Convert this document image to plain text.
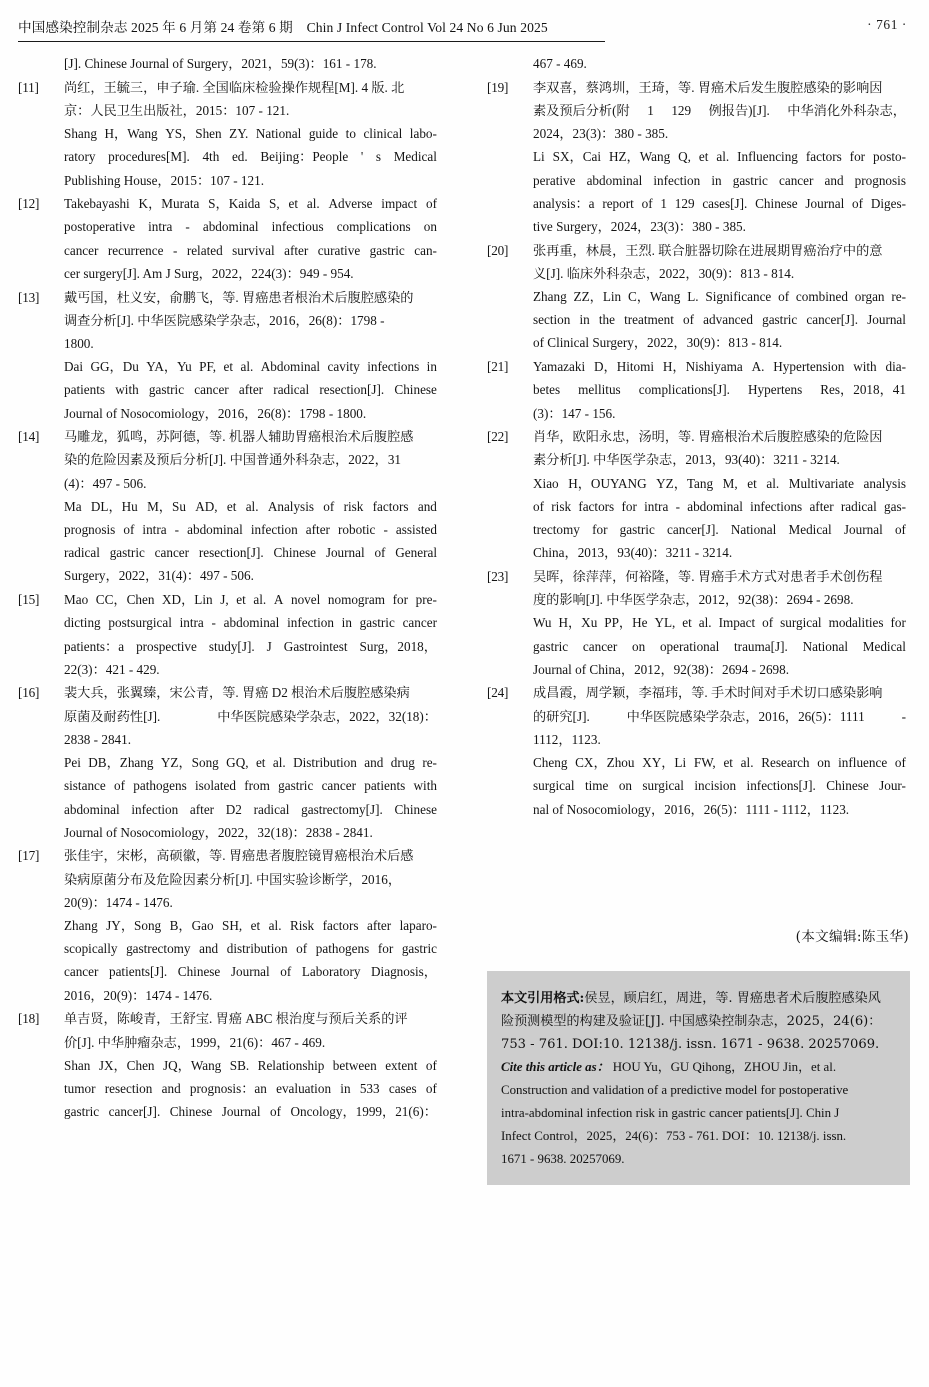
中国感染控制杂志 2025 年 6 月第 24 卷第 6 期　Chin J Infect Control Vol 24 No 6 Jun 2025	· 761 ·
[J]. Chinese Journal of Surgery，2021，59(3)：161 - 178.
[11]	尚红，王毓三，申子瑜. 全国临床检验操作规程[M]. 4 版. 北
京：人民卫生出版社，2015：107 - 121.
Shang H，Wang YS，Shen ZY. National guide to clinical labo-
ratory procedures[M]. 4th ed. Beijing：People ' s Medical
Publishing House，2015：107 - 121.
[12]	Takebayashi K，Murata S，Kaida S, et al. Adverse impact of
postoperative intra - abdominal infectious complications on
cancer recurrence - related survival after curative gastric can-
cer surgery[J]. Am J Surg，2022，224(3)：949 - 954.
[13]	戴丐国，杜义安，俞鹏飞，等. 胃癌患者根治术后腹腔感染的
调查分析[J]. 中华医院感染学杂志，2016，26(8)：1798 -
1800.
Dai GG，Du YA，Yu PF, et al. Abdominal cavity infections in
patients with gastric cancer after radical resection[J]. Chinese
Journal of Nosocomiology，2016，26(8)：1798 - 1800.
[14]	马雕龙，狐鸣，苏阿德，等. 机器人辅助胃癌根治术后腹腔感
染的危险因素及预后分析[J]. 中国普通外科杂志，2022，31
(4)：497 - 506.
Ma DL，Hu M，Su AD, et al. Analysis of risk factors and
prognosis of intra - abdominal infection after robotic - assisted
radical gastric cancer resection[J]. Chinese Journal of General
Surgery，2022，31(4)：497 - 506.
[15]	Mao CC，Chen XD，Lin J, et al. A novel nomogram for pre-
dicting postsurgical intra - abdominal infection in gastric cancer
patients：a prospective study[J]. J Gastrointest Surg，2018，
22(3)：421 - 429.
[16]	裴大兵，张翼臻，宋公青，等. 胃癌 D2 根治术后腹腔感染病
原菌及耐药性[J].	中华医院感染学杂志，2022，32(18)：
2838 - 2841.
Pei DB，Zhang YZ，Song GQ, et al. Distribution and drug re-
sistance of pathogens isolated from gastric cancer patients with
abdominal infection after D2 radical gastrectomy[J]. Chinese
Journal of Nosocomiology，2022，32(18)：2838 - 2841.
[17]	张佳宇，宋彬，高硕徽，等. 胃癌患者腹腔镜胃癌根治术后感
染病原菌分布及危险因素分析[J]. 中国实验诊断学，2016，
20(9)：1474 - 1476.
Zhang JY，Song B，Gao SH, et al. Risk factors after laparo-
scopically gastrectomy and distribution of pathogens for gastric
cancer patients[J]. Chinese Journal of Laboratory Diagnosis，
2016，20(9)：1474 - 1476.
[18]	单吉贤，陈峻青，王舒宝. 胃癌 ABC 根治度与预后关系的评
价[J]. 中华肿瘤杂志，1999，21(6)：467 - 469.
Shan JX，Chen JQ，Wang SB. Relationship between extent of
tumor resection and prognosis：an evaluation in 533 cases of
gastric cancer[J]. Chinese Journal of Oncology，1999，21(6)：
467 - 469.
[19]	李双喜，蔡鸿圳，王琦，等. 胃癌术后发生腹腔感染的影响因
素及预后分析(附 1 129 例报告)[J]. 中华消化外科杂志，
2024，23(3)：380 - 385.
Li SX，Cai HZ，Wang Q, et al. Influencing factors for posto-
perative abdominal infection in gastric cancer and prognosis
analysis：a report of 1 129 cases[J]. Chinese Journal of Diges-
tive Surgery，2024，23(3)：380 - 385.
[20]	张再重，林晨，王烈. 联合脏器切除在进展期胃癌治疗中的意
义[J]. 临床外科杂志，2022，30(9)：813 - 814.
Zhang ZZ，Lin C，Wang L. Significance of combined organ re-
section in the treatment of advanced gastric cancer[J]. Journal
of Clinical Surgery，2022，30(9)：813 - 814.
[21]	Yamazaki D，Hitomi H，Nishiyama A. Hypertension with dia-
betes mellitus complications[J]. Hypertens Res，2018，41
(3)：147 - 156.
[22]	肖华，欧阳永忠，汤明，等. 胃癌根治术后腹腔感染的危险因
素分析[J]. 中华医学杂志，2013，93(40)：3211 - 3214.
Xiao H，OUYANG YZ，Tang M, et al. Multivariate analysis
of risk factors for intra - abdominal infections after radical gas-
trectomy for gastric cancer[J]. National Medical Journal of
China，2013，93(40)：3211 - 3214.
[23]	吴晖，徐萍萍，何裕隆，等. 胃癌手术方式对患者手术创伤程
度的影响[J]. 中华医学杂志，2012，92(38)：2694 - 2698.
Wu H，Xu PP，He YL, et al. Impact of surgical modalities for
gastric cancer on operational trauma[J]. National Medical
Journal of China，2012，92(38)：2694 - 2698.
[24]	成昌霞，周学颖，李福玮，等. 手术时间对手术切口感染影响
的研究[J].	中华医院感染学杂志，2016，26(5)：1111	-
1112，1123.
Cheng CX，Zhou XY，Li FW, et al. Research on influence of
surgical time on surgical incision infections[J]. Chinese Jour-
nal of Nosocomiology，2016，26(5)：1111 - 1112，1123.
(本文编辑:陈玉华)
本文引用格式:侯昱，顾启红，周进，等. 胃癌患者术后腹腔感染风
险预测模型的构建及验证[J]. 中国感染控制杂志，2025，24(6)：
753 - 761. DOI:10. 12138/j. issn. 1671 - 9638. 20257069.
Cite this article as： HOU Yu，GU Qihong，ZHOU Jin，et al.
Construction and validation of a predictive model for postoperative
intra-abdominal infection risk in gastric cancer patients[J]. Chin J
Infect Control，2025，24(6)：753 - 761. DOI：10. 12138/j. issn.
1671 - 9638. 20257069.
